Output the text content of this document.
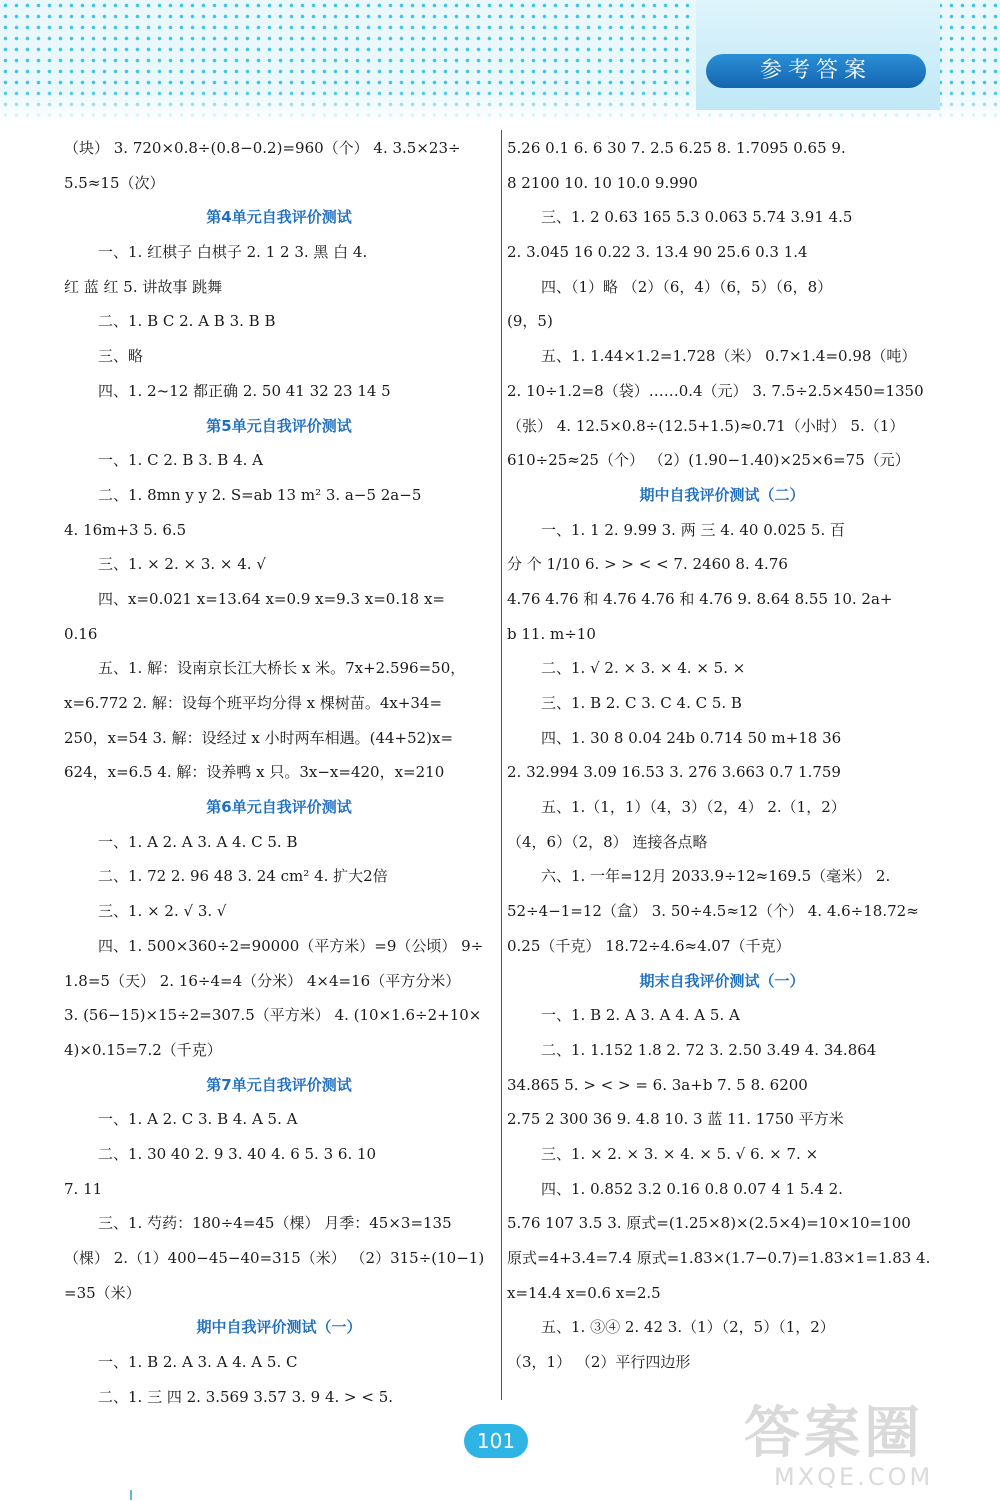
参考答案
（块） 3. 720×0.8÷(0.8−0.2)=960（个） 4. 3.5×23÷
5.5≈15（次）
第4单元自我评价测试
一、1. 红棋子 白棋子 2. 1 2 3. 黑 白 4.
红 蓝 红 5. 讲故事 跳舞
二、1. B C 2. A B 3. B B
三、略
四、1. 2~12 都正确 2. 50 41 32 23 14 5
第5单元自我评价测试
一、1. C 2. B 3. B 4. A
二、1. 8mn y y 2. S=ab 13 m² 3. a−5 2a−5
4. 16m+3 5. 6.5
三、1. × 2. × 3. × 4. √
四、x=0.021 x=13.64 x=0.9 x=9.3 x=0.18 x=
0.16
五、1. 解：设南京长江大桥长 x 米。7x+2.596=50，
x=6.772 2. 解：设每个班平均分得 x 棵树苗。4x+34=
250，x=54 3. 解：设经过 x 小时两车相遇。(44+52)x=
624，x=6.5 4. 解：设养鸭 x 只。3x−x=420，x=210
第6单元自我评价测试
一、1. A 2. A 3. A 4. C 5. B
二、1. 72 2. 96 48 3. 24 cm² 4. 扩大2倍
三、1. × 2. √ 3. √
四、1. 500×360÷2=90000（平方米）=9（公顷） 9÷
1.8=5（天） 2. 16÷4=4（分米） 4×4=16（平方分米）
3. (56−15)×15÷2=307.5（平方米） 4. (10×1.6÷2+10×
4)×0.15=7.2（千克）
第7单元自我评价测试
一、1. A 2. C 3. B 4. A 5. A
二、1. 30 40 2. 9 3. 40 4. 6 5. 3 6. 10
7. 11
三、1. 芍药：180÷4=45（棵） 月季：45×3=135
（棵） 2.（1）400−45−40=315（米） （2）315÷(10−1)
=35（米）
期中自我评价测试（一）
一、1. B 2. A 3. A 4. A 5. C
二、1. 三 四 2. 3.569 3.57 3. 9 4. > < 5.
5.26 0.1 6. 6 30 7. 2.5 6.25 8. 1.7095 0.65 9.
8 2100 10. 10 10.0 9.990
三、1. 2 0.63 165 5.3 0.063 5.74 3.91 4.5
2. 3.045 16 0.22 3. 13.4 90 25.6 0.3 1.4
四、（1）略 （2）（6，4）（6，5）（6，8）
(9，5)
五、1. 1.44×1.2=1.728（米） 0.7×1.4=0.98（吨）
2. 10÷1.2=8（袋）……0.4（元） 3. 7.5÷2.5×450=1350
（张） 4. 12.5×0.8÷(12.5+1.5)≈0.71（小时） 5.（1）
610÷25≈25（个） （2）(1.90−1.40)×25×6=75（元）
期中自我评价测试（二）
一、1. 1 2. 9.99 3. 两 三 4. 40 0.025 5. 百
分 个 1/10 6. > > < < 7. 2460 8. 4.76
4.76 4.76 和 4.76 4.76 和 4.76 9. 8.64 8.55 10. 2a+
b 11. m÷10
二、1. √ 2. × 3. × 4. × 5. ×
三、1. B 2. C 3. C 4. C 5. B
四、1. 30 8 0.04 24b 0.714 50 m+18 36
2. 32.994 3.09 16.53 3. 276 3.663 0.7 1.759
五、1.（1，1）（4，3）（2，4） 2.（1，2）
（4，6）（2，8） 连接各点略
六、1. 一年=12月 2033.9÷12≈169.5（毫米） 2.
52÷4−1=12（盒） 3. 50÷4.5≈12（个） 4. 4.6÷18.72≈
0.25（千克） 18.72÷4.6≈4.07（千克）
期末自我评价测试（一）
一、1. B 2. A 3. A 4. A 5. A
二、1. 1.152 1.8 2. 72 3. 2.50 3.49 4. 34.864
34.865 5. > < > = 6. 3a+b 7. 5 8. 6200
2.75 2 300 36 9. 4.8 10. 3 蓝 11. 1750 平方米
三、1. × 2. × 3. × 4. × 5. √ 6. × 7. ×
四、1. 0.852 3.2 0.16 0.8 0.07 4 1 5.4 2.
5.76 107 3.5 3. 原式=(1.25×8)×(2.5×4)=10×10=100
原式=4+3.4=7.4 原式=1.83×(1.7−0.7)=1.83×1=1.83 4.
x=14.4 x=0.6 x=2.5
五、1. ③④ 2. 42 3.（1）（2，5）（1，2）
（3，1） （2）平行四边形
101	答案圈
MXQE.COM
